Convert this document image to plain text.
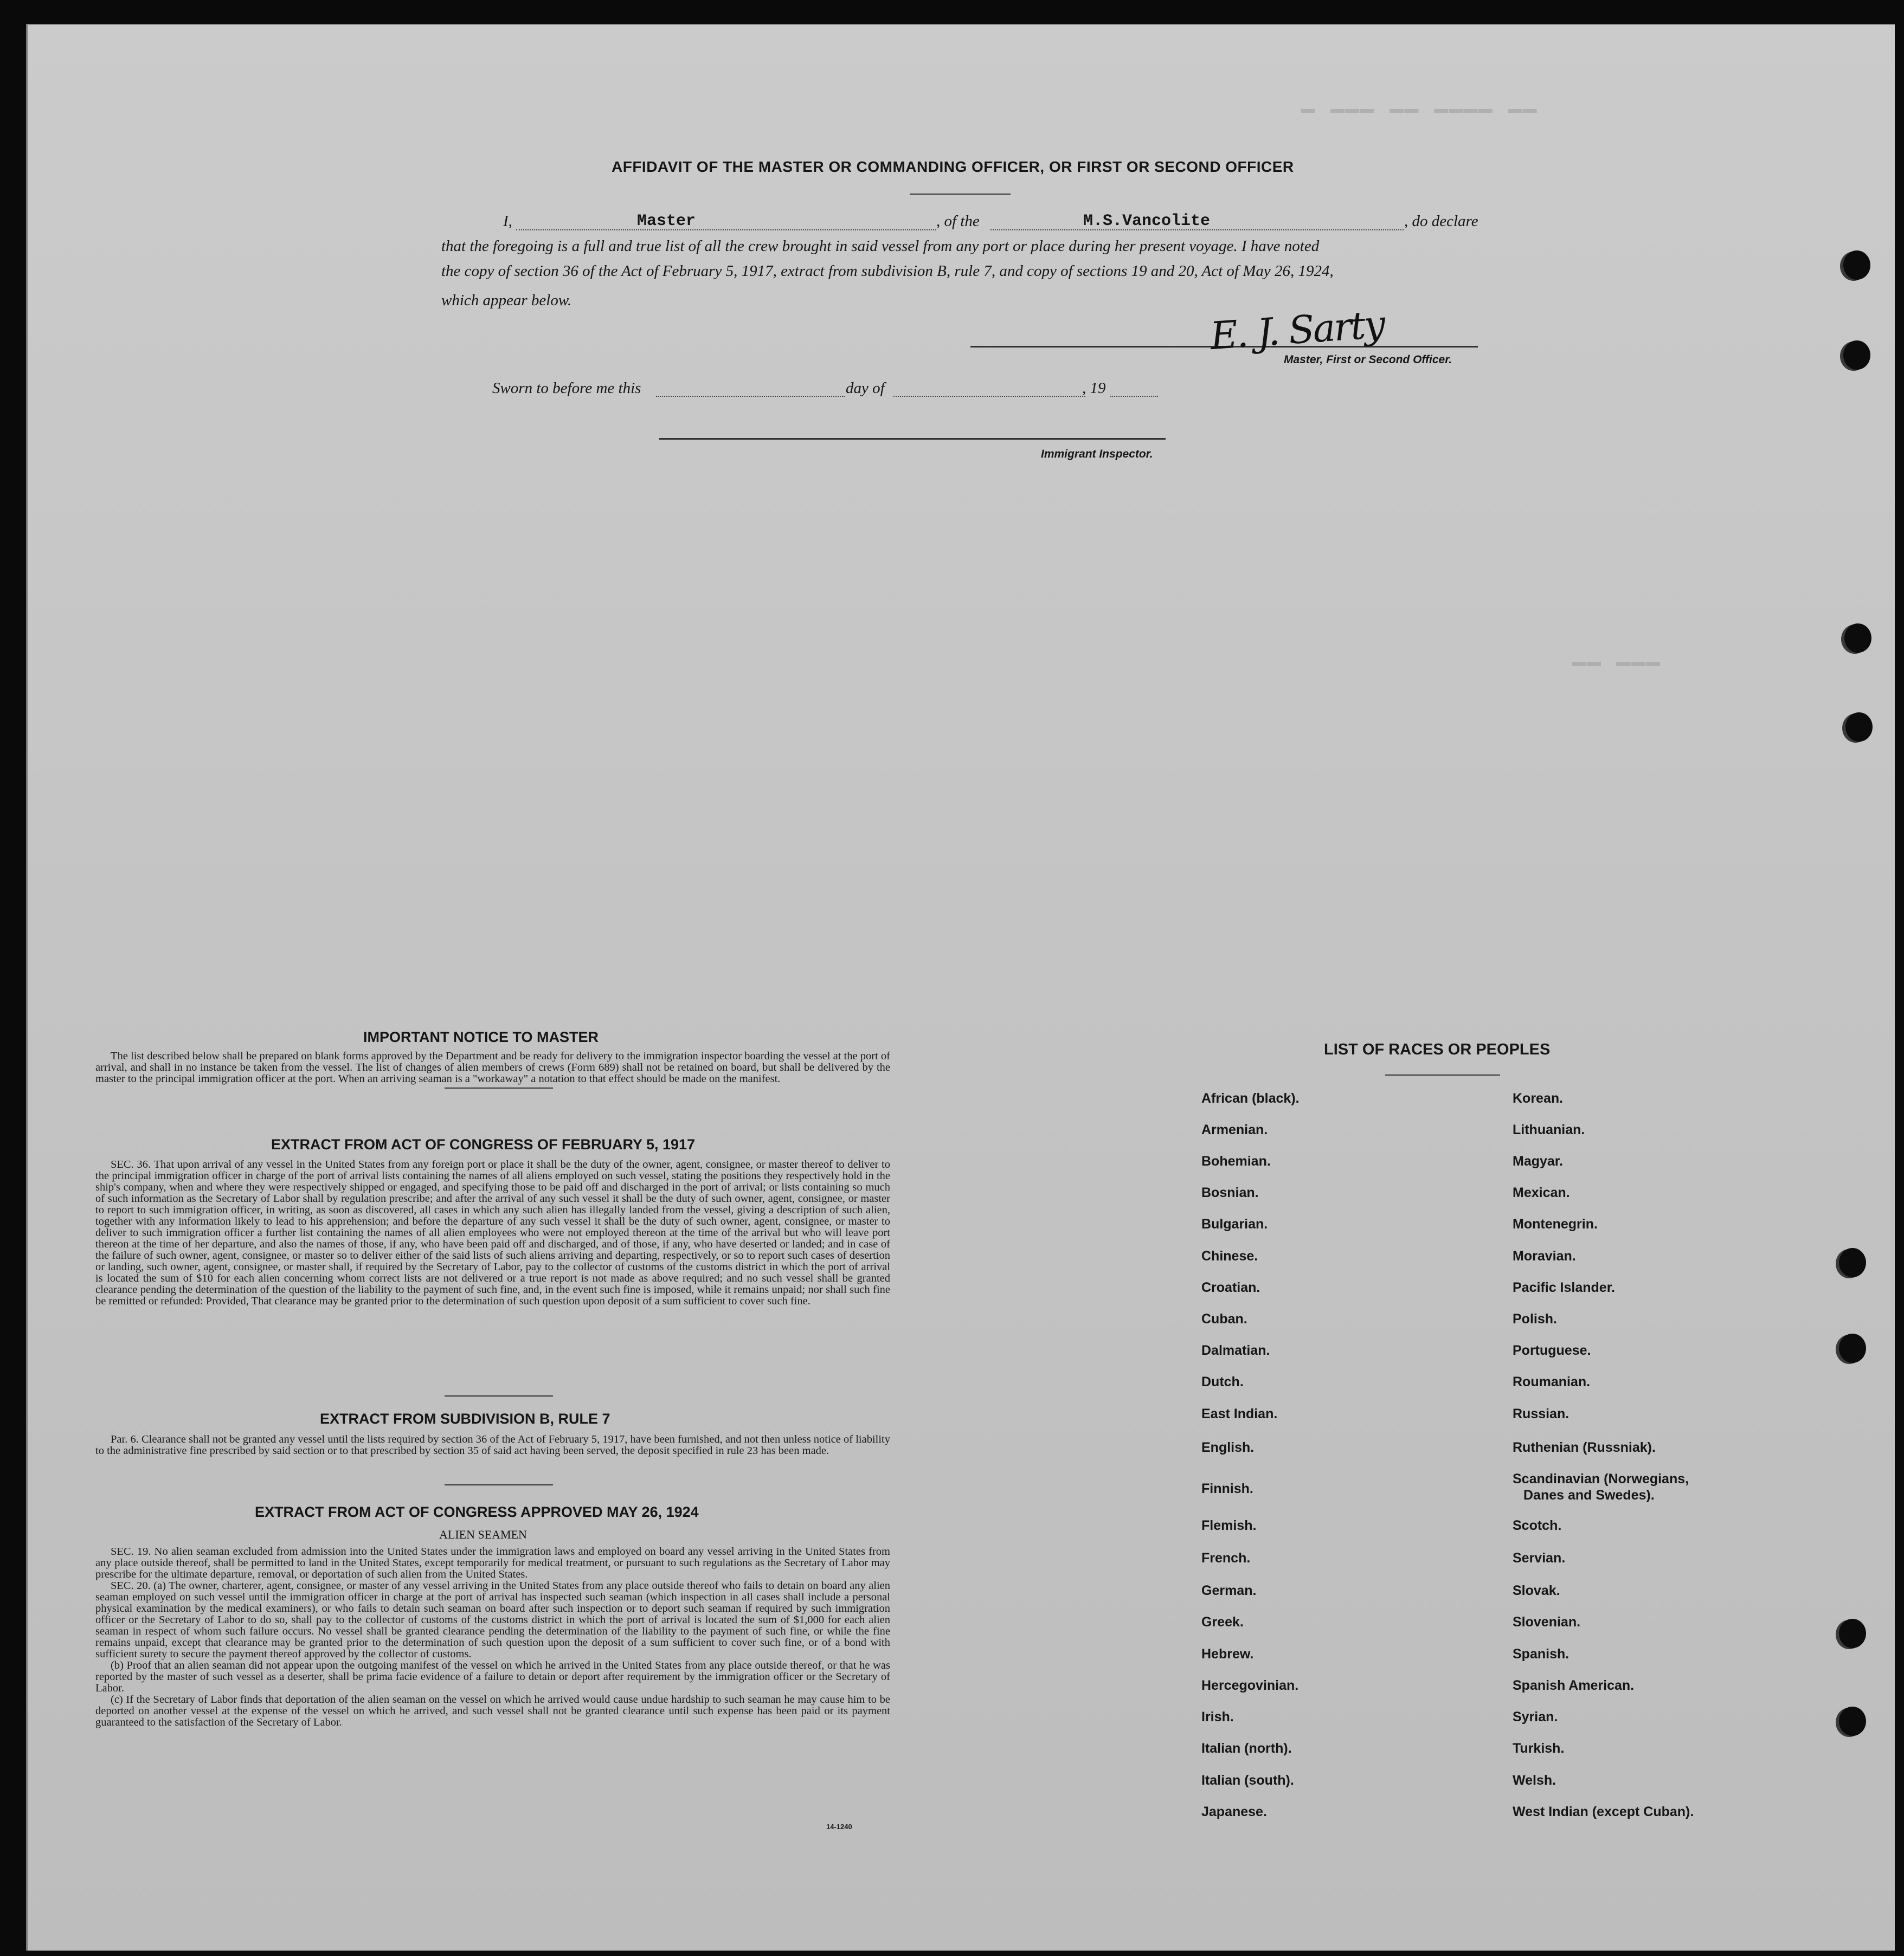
━ ━━━ ━━ ━━━━ ━━
━━ ━━━
AFFIDAVIT OF THE MASTER OR COMMANDING OFFICER, OR FIRST OR SECOND OFFICER
I,	Master	, of the	M.S.Vancolite	, do declare
that the foregoing is a full and true list of all the crew brought in said vessel from any port or place during her present voyage. I have noted
the copy of section 36 of the Act of February 5, 1917, extract from subdivision B, rule 7, and copy of sections 19 and 20, Act of May 26, 1924,
which appear below.
E. J. Sarty
Master, First or Second Officer.
Sworn to before me this	day of	, 19
Immigrant Inspector.
IMPORTANT NOTICE TO MASTER

The list described below shall be prepared on blank forms approved by the Department and be ready for delivery to the immigration inspector boarding the vessel at the port of arrival, and shall in no instance be taken from the vessel. The list of changes of alien members of crews (Form 689) shall not be retained on board, but shall be delivered by the master to the principal immigration officer at the port. When an arriving seaman is a "workaway" a notation to that effect should be made on the manifest.

EXTRACT FROM ACT OF CONGRESS OF FEBRUARY 5, 1917

SEC. 36. That upon arrival of any vessel in the United States from any foreign port or place it shall be the duty of the owner, agent, consignee, or master thereof to deliver to the principal immigration officer in charge of the port of arrival lists containing the names of all aliens employed on such vessel, stating the positions they respectively hold in the ship's company, when and where they were respectively shipped or engaged, and specifying those to be paid off and discharged in the port of arrival; or lists containing so much of such information as the Secretary of Labor shall by regulation prescribe; and after the arrival of any such vessel it shall be the duty of such owner, agent, consignee, or master to report to such immigration officer, in writing, as soon as discovered, all cases in which any such alien has illegally landed from the vessel, giving a description of such alien, together with any information likely to lead to his apprehension; and before the departure of any such vessel it shall be the duty of such owner, agent, consignee, or master to deliver to such immigration officer a further list containing the names of all alien employees who were not employed thereon at the time of the arrival but who will leave port thereon at the time of her departure, and also the names of those, if any, who have been paid off and discharged, and of those, if any, who have deserted or landed; and in case of the failure of such owner, agent, consignee, or master so to deliver either of the said lists of such aliens arriving and departing, respectively, or so to report such cases of desertion or landing, such owner, agent, consignee, or master shall, if required by the Secretary of Labor, pay to the collector of customs of the customs district in which the port of arrival is located the sum of $10 for each alien concerning whom correct lists are not delivered or a true report is not made as above required; and no such vessel shall be granted clearance pending the determination of the question of the liability to the payment of such fine, and, in the event such fine is imposed, while it remains unpaid; nor shall such fine be remitted or refunded: Provided, That clearance may be granted prior to the determination of such question upon deposit of a sum sufficient to cover such fine.

EXTRACT FROM SUBDIVISION B, RULE 7

Par. 6. Clearance shall not be granted any vessel until the lists required by section 36 of the Act of February 5, 1917, have been furnished, and not then unless notice of liability to the administrative fine prescribed by said section or to that prescribed by section 35 of said act having been served, the deposit specified in rule 23 has been made.

EXTRACT FROM ACT OF CONGRESS APPROVED MAY 26, 1924
ALIEN SEAMEN

SEC. 19. No alien seaman excluded from admission into the United States under the immigration laws and employed on board any vessel arriving in the United States from any place outside thereof, shall be permitted to land in the United States, except temporarily for medical treatment, or pursuant to such regulations as the Secretary of Labor may prescribe for the ultimate departure, removal, or deportation of such alien from the United States.

SEC. 20. (a) The owner, charterer, agent, consignee, or master of any vessel arriving in the United States from any place outside thereof who fails to detain on board any alien seaman employed on such vessel until the immigration officer in charge at the port of arrival has inspected such seaman (which inspection in all cases shall include a personal physical examination by the medical examiners), or who fails to detain such seaman on board after such inspection or to deport such seaman if required by such immigration officer or the Secretary of Labor to do so, shall pay to the collector of customs of the customs district in which the port of arrival is located the sum of $1,000 for each alien seaman in respect of whom such failure occurs. No vessel shall be granted clearance pending the determination of the liability to the payment of such fine, or while the fine remains unpaid, except that clearance may be granted prior to the determination of such question upon the deposit of a sum sufficient to cover such fine, or of a bond with sufficient surety to secure the payment thereof approved by the collector of customs.

(b) Proof that an alien seaman did not appear upon the outgoing manifest of the vessel on which he arrived in the United States from any place outside thereof, or that he was reported by the master of such vessel as a deserter, shall be prima facie evidence of a failure to detain or deport after requirement by the immigration officer or the Secretary of Labor.

(c) If the Secretary of Labor finds that deportation of the alien seaman on the vessel on which he arrived would cause undue hardship to such seaman he may cause him to be deported on another vessel at the expense of the vessel on which he arrived, and such vessel shall not be granted clearance until such expense has been paid or its payment guaranteed to the satisfaction of the Secretary of Labor.

14-1240
LIST OF RACES OR PEOPLES
African (black).
Armenian.
Bohemian.
Bosnian.
Bulgarian.
Chinese.
Croatian.
Cuban.
Dalmatian.
Dutch.
East Indian.
English.
Finnish.
Flemish.
French.
German.
Greek.
Hebrew.
Hercegovinian.
Irish.
Italian (north).
Italian (south).
Japanese.
Korean.
Lithuanian.
Magyar.
Mexican.
Montenegrin.
Moravian.
Pacific Islander.
Polish.
Portuguese.
Roumanian.
Russian.
Ruthenian (Russniak).
Scandinavian (Norwegians,
Danes and Swedes).
Scotch.
Servian.
Slovak.
Slovenian.
Spanish.
Spanish American.
Syrian.
Turkish.
Welsh.
West Indian (except Cuban).
